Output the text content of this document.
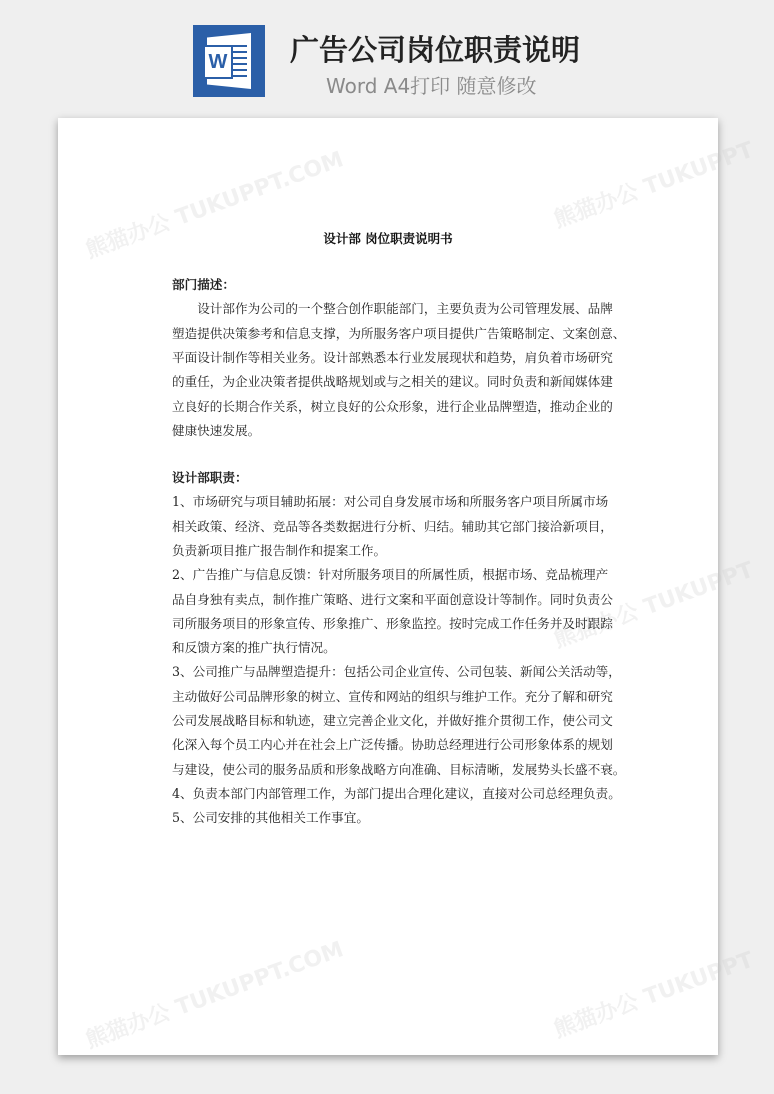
W 广告公司岗位职责说明
Word A4打印 随意修改
熊猫办公 TUKUPPT.COM	熊猫办公 TUKUPPT
熊猫办公 TUKUPPT
熊猫办公 TUKUPPT.COM	熊猫办公 TUKUPPT
设计部 岗位职责说明书
部门描述：
　　设计部作为公司的一个整合创作职能部门，主要负责为公司管理发展、品牌
塑造提供决策参考和信息支撑，为所服务客户项目提供广告策略制定、文案创意、
平面设计制作等相关业务。设计部熟悉本行业发展现状和趋势，肩负着市场研究
的重任，为企业决策者提供战略规划或与之相关的建议。同时负责和新闻媒体建
立良好的长期合作关系，树立良好的公众形象，进行企业品牌塑造，推动企业的
健康快速发展。
设计部职责：
1、市场研究与项目辅助拓展：对公司自身发展市场和所服务客户项目所属市场
相关政策、经济、竞品等各类数据进行分析、归结。辅助其它部门接洽新项目，
负责新项目推广报告制作和提案工作。
2、广告推广与信息反馈：针对所服务项目的所属性质，根据市场、竞品梳理产
品自身独有卖点，制作推广策略、进行文案和平面创意设计等制作。同时负责公
司所服务项目的形象宣传、形象推广、形象监控。按时完成工作任务并及时跟踪
和反馈方案的推广执行情况。
3、公司推广与品牌塑造提升：包括公司企业宣传、公司包装、新闻公关活动等，
主动做好公司品牌形象的树立、宣传和网站的组织与维护工作。充分了解和研究
公司发展战略目标和轨迹，建立完善企业文化，并做好推介贯彻工作，使公司文
化深入每个员工内心并在社会上广泛传播。协助总经理进行公司形象体系的规划
与建设，使公司的服务品质和形象战略方向准确、目标清晰，发展势头长盛不衰。
4、负责本部门内部管理工作，为部门提出合理化建议，直接对公司总经理负责。
5、公司安排的其他相关工作事宜。
